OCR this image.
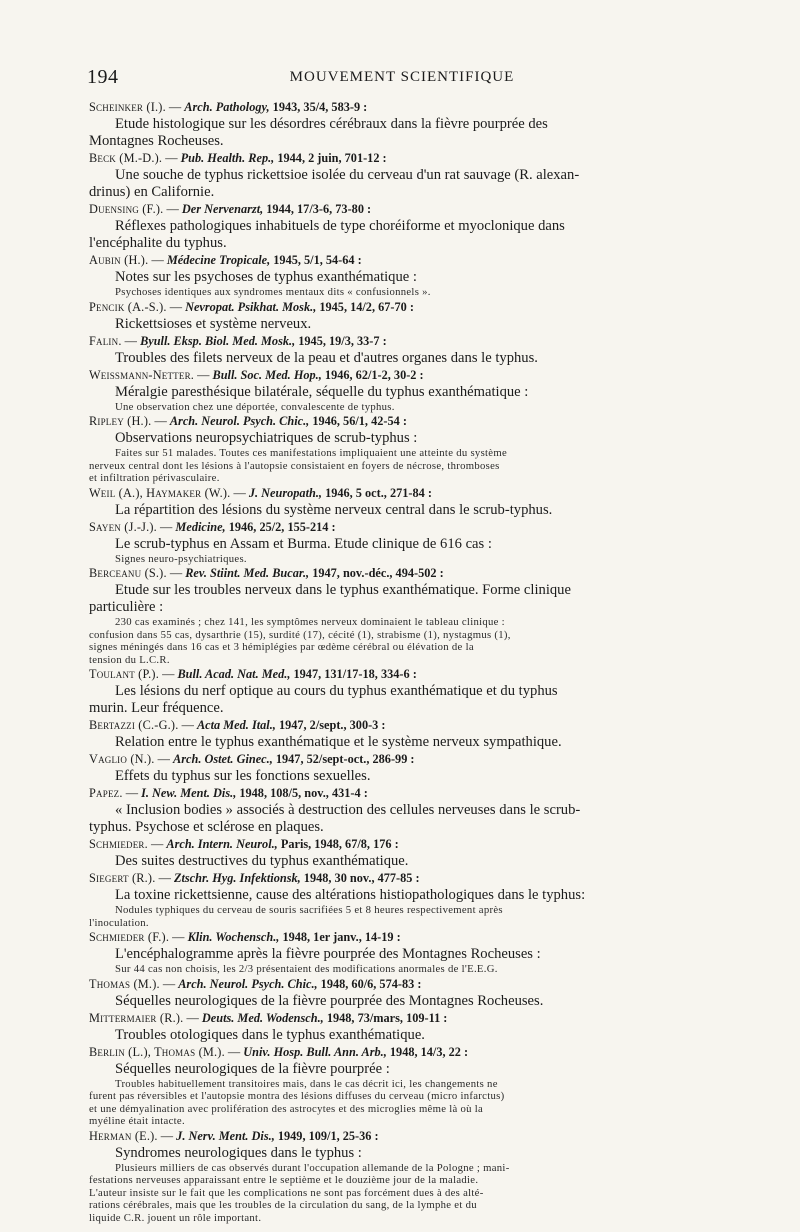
194	MOUVEMENT SCIENTIFIQUE

Scheinker (I.). — Arch. Pathology, 1943, 35/4, 583-9 :

Etude histologique sur les désordres cérébraux dans la fièvre pourprée des
Montagnes Rocheuses.

Beck (M.-D.). — Pub. Health. Rep., 1944, 2 juin, 701-12 :

Une souche de typhus rickettsioe isolée du cerveau d'un rat sauvage (R. alexan-
drinus) en Californie.

Duensing (F.). — Der Nervenarzt, 1944, 17/3-6, 73-80 :

Réflexes pathologiques inhabituels de type choréiforme et myoclonique dans
l'encéphalite du typhus.

Aubin (H.). — Médecine Tropicale, 1945, 5/1, 54-64 :

Notes sur les psychoses de typhus exanthématique :

Psychoses identiques aux syndromes mentaux dits « confusionnels ».

Pencik (A.-S.). — Nevropat. Psikhat. Mosk., 1945, 14/2, 67-70 :

Rickettsioses et système nerveux.

Falin. — Byull. Eksp. Biol. Med. Mosk., 1945, 19/3, 33-7 :

Troubles des filets nerveux de la peau et d'autres organes dans le typhus.

Weissmann-Netter. — Bull. Soc. Med. Hop., 1946, 62/1-2, 30-2 :

Méralgie paresthésique bilatérale, séquelle du typhus exanthématique :

Une observation chez une déportée, convalescente de typhus.

Ripley (H.). — Arch. Neurol. Psych. Chic., 1946, 56/1, 42-54 :

Observations neuropsychiatriques de scrub-typhus :

Faites sur 51 malades. Toutes ces manifestations impliquaient une atteinte du système
nerveux central dont les lésions à l'autopsie consistaient en foyers de nécrose, thromboses
et infiltration périvasculaire.

Weil (A.), Haymaker (W.). — J. Neuropath., 1946, 5 oct., 271-84 :

La répartition des lésions du système nerveux central dans le scrub-typhus.

Sayen (J.-J.). — Medicine, 1946, 25/2, 155-214 :

Le scrub-typhus en Assam et Burma. Etude clinique de 616 cas :

Signes neuro-psychiatriques.

Berceanu (S.). — Rev. Stiint. Med. Bucar., 1947, nov.-déc., 494-502 :

Etude sur les troubles nerveux dans le typhus exanthématique. Forme clinique
particulière :

230 cas examinés ; chez 141, les symptômes nerveux dominaient le tableau clinique :
confusion dans 55 cas, dysarthrie (15), surdité (17), cécité (1), strabisme (1), nystagmus (1),
signes méningés dans 16 cas et 3 hémiplégies par œdème cérébral ou élévation de la
tension du L.C.R.

Toulant (P.). — Bull. Acad. Nat. Med., 1947, 131/17-18, 334-6 :

Les lésions du nerf optique au cours du typhus exanthématique et du typhus
murin. Leur fréquence.

Bertazzi (C.-G.). — Acta Med. Ital., 1947, 2/sept., 300-3 :

Relation entre le typhus exanthématique et le système nerveux sympathique.

Vaglio (N.). — Arch. Ostet. Ginec., 1947, 52/sept-oct., 286-99 :

Effets du typhus sur les fonctions sexuelles.

Papez. — I. New. Ment. Dis., 1948, 108/5, nov., 431-4 :

« Inclusion bodies » associés à destruction des cellules nerveuses dans le scrub-
typhus. Psychose et sclérose en plaques.

Schmieder. — Arch. Intern. Neurol., Paris, 1948, 67/8, 176 :

Des suites destructives du typhus exanthématique.

Siegert (R.). — Ztschr. Hyg. Infektionsk, 1948, 30 nov., 477-85 :

La toxine rickettsienne, cause des altérations histiopathologiques dans le typhus:

Nodules typhiques du cerveau de souris sacrifiées 5 et 8 heures respectivement après
l'inoculation.

Schmieder (F.). — Klin. Wochensch., 1948, 1er janv., 14-19 :

L'encéphalogramme après la fièvre pourprée des Montagnes Rocheuses :

Sur 44 cas non choisis, les 2/3 présentaient des modifications anormales de l'E.E.G.

Thomas (M.). — Arch. Neurol. Psych. Chic., 1948, 60/6, 574-83 :

Séquelles neurologiques de la fièvre pourprée des Montagnes Rocheuses.

Mittermaier (R.). — Deuts. Med. Wodensch., 1948, 73/mars, 109-11 :

Troubles otologiques dans le typhus exanthématique.

Berlin (L.), Thomas (M.). — Univ. Hosp. Bull. Ann. Arb., 1948, 14/3, 22 :

Séquelles neurologiques de la fièvre pourprée :

Troubles habituellement transitoires mais, dans le cas décrit ici, les changements ne
furent pas réversibles et l'autopsie montra des lésions diffuses du cerveau (micro infarctus)
et une démyalination avec prolifération des astrocytes et des microglies même là où la
myéline était intacte.

Herman (E.). — J. Nerv. Ment. Dis., 1949, 109/1, 25-36 :

Syndromes neurologiques dans le typhus :

Plusieurs milliers de cas observés durant l'occupation allemande de la Pologne ; mani-
festations nerveuses apparaissant entre le septième et le douzième jour de la maladie.
L'auteur insiste sur le fait que les complications ne sont pas forcément dues à des alté-
rations cérébrales, mais que les troubles de la circulation du sang, de la lymphe et du
liquide C.R. jouent un rôle important.
